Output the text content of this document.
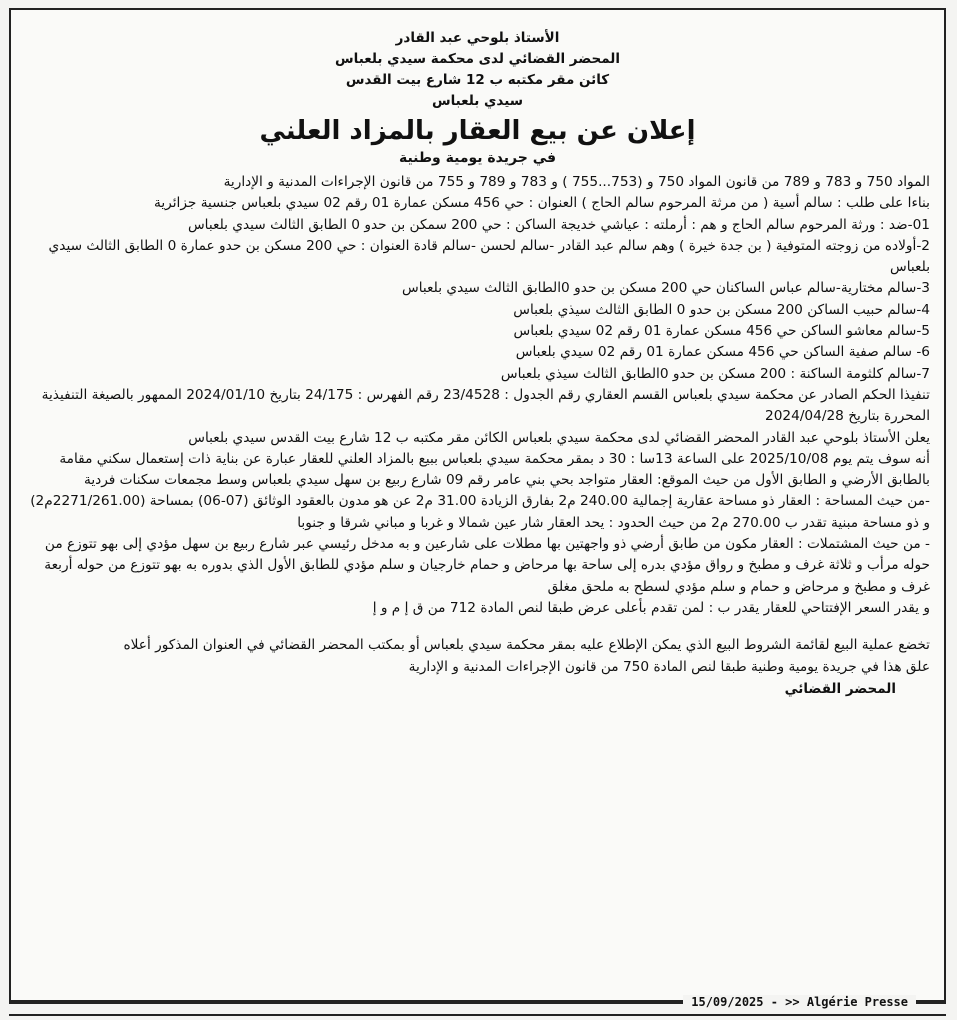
الأستاذ بلوحي عبد القادر
المحضر القضائي لدى محكمة سيدي بلعباس
كائن مقر مكتبه ب 12 شارع بيت القدس
سيدي بلعباس
إعلان عن بيع العقار بالمزاد العلني
في جريدة يومية وطنية

المواد 750 و 783 و 789 من قانون المواد 750 و (753...755 ) و 783 و 789 و 755 من قانون الإجراءات المدنية و الإدارية

بناءا على طلب : سالم أسية ( من مرثة المرحوم سالم الحاج ) العنوان : حي 456 مسكن عمارة 01 رقم 02 سيدي بلعباس جنسية جزائرية

01-ضد : ورثة المرحوم سالم الحاج و هم : أرملته : عياشي خديجة الساكن : حي 200 سمكن بن حدو 0 الطابق الثالث سيدي بلعباس

2-أولاده من زوجته المتوفية ( بن جدة خيرة ) وهم سالم عبد القادر -سالم لحسن -سالم قادة العنوان : حي 200 مسكن بن حدو عمارة 0 الطابق الثالث سيدي بلعباس

3-سالم مختارية-سالم عباس الساكنان حي 200 مسكن بن حدو 0الطابق الثالث سيدي بلعباس

4-سالم حبيب الساكن 200 مسكن بن حدو 0 الطابق الثالث سيذي بلعباس

5-سالم معاشو الساكن حي 456 مسكن عمارة 01 رقم 02 سيدي بلعباس

6- سالم صفية الساكن حي 456 مسكن عمارة 01 رقم 02 سيدي بلعباس

7-سالم كلثومة الساكنة : 200 مسكن بن حدو 0الطابق الثالث سيذي بلعباس

تنفيذا الحكم الصادر عن محكمة سيدي بلعباس القسم العقاري رقم الجدول : 23/4528 رقم الفهرس : 24/175 بتاريخ 2024/01/10 الممهور بالصيغة التنفيذية المحررة بتاريخ 2024/04/28

يعلن الأستاذ بلوحي عبد القادر المحضر القضائي لدى محكمة سيدي بلعباس الكائن مقر مكتبه ب 12 شارع بيت القدس سيدي بلعباس

أنه سوف يتم يوم 2025/10/08 على الساعة 13سا : 30 د بمقر محكمة سيدي بلعباس ببيع بالمزاد العلني للعقار عبارة عن بناية ذات إستعمال سكني مقامة بالطابق الأرضي و الطابق الأول من حيث الموقع: العقار متواجد بحي بني عامر رقم 09 شارع ربيع بن سهل سيدي بلعباس وسط مجمعات سكنات فردية

-من حيث المساحة : العقار ذو مساحة عقارية إجمالية 240.00 م2 بفارق الزيادة 31.00 م2 عن هو مدون بالعقود الوثائق (07-06) بمساحة (2271/261.00م2) و ذو مساحة مبنية تقدر ب 270.00 م2 من حيث الحدود : يحد العقار شار عين شمالا و غربا و مباني شرقا و جنوبا

- من حيث المشتملات : العقار مكون من طابق أرضي ذو واجهتين بها مطلات على شارعين و به مدخل رئيسي عبر شارع ربيع بن سهل مؤدي إلى بهو تتوزع من حوله مرأب و ثلاثة غرف و مطبخ و رواق مؤدي بدره إلى ساحة بها مرحاض و حمام خارجيان و سلم مؤدي للطابق الأول الذي بدوره به بهو تتوزع من حوله أربعة غرف و مطبخ و مرحاض و حمام و سلم مؤدي لسطح به ملحق مغلق

و يقدر السعر الإفتتاحي للعقار يقدر ب : لمن تقدم بأعلى عرض طبقا لنص المادة 712 من ق إ م و إ

تخضع عملية البيع لقائمة الشروط البيع الذي يمكن الإطلاع عليه بمقر محكمة سيدي بلعباس أو بمكتب المحضر القضائي في العنوان المذكور أعلاه

علق هذا في جريدة يومية وطنية طبقا لنص المادة 750 من قانون الإجراءات المدنية و الإدارية

المحضر القضائي
15/09/2025 - >> Algérie Presse
